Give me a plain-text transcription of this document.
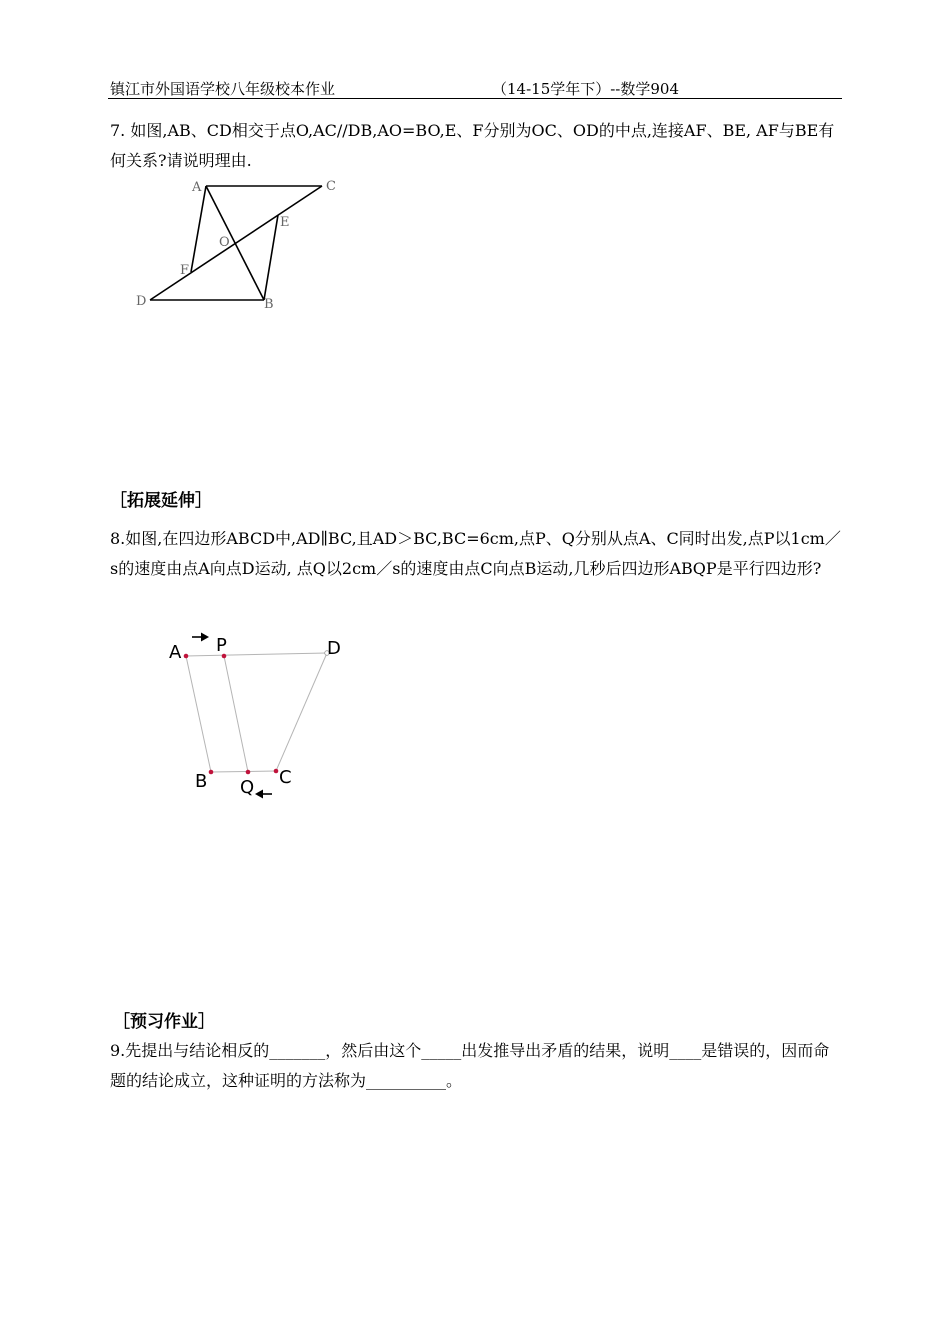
镇江市外国语学校八年级校本作业	（14-15学年下）--数学904
7. 如图,AB、CD相交于点O,AC//DB,AO=BO,E、F分别为OC、OD的中点,连接AF、BE, AF与BE有何关系?请说明理由.
A	C
E
O
F
D	B
［拓展延伸］
8.如图,在四边形ABCD中,AD∥BC,且AD＞BC,BC=6cm,点P、Q分别从点A、C同时出发,点P以1cm／s的速度由点A向点D运动, 点Q以2cm／s的速度由点C向点B运动,几秒后四边形ABQP是平行四边形?
A P	D
B Q C
［预习作业］
9.先提出与结论相反的_______，然后由这个_____出发推导出矛盾的结果，说明____是错误的，因而命题的结论成立，这种证明的方法称为__________。
